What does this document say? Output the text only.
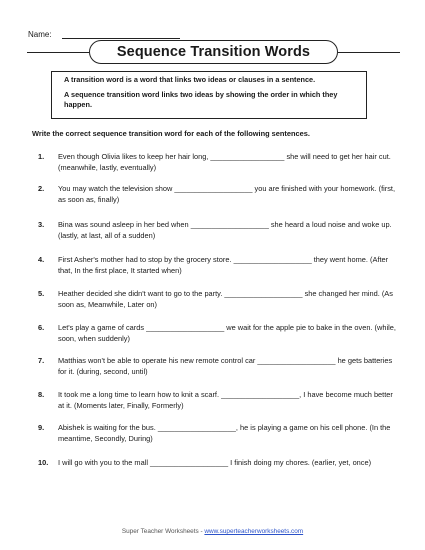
Name:
Sequence Transition Words

A transition word is a word that links two ideas or clauses in a sentence.

A sequence transition word links two ideas by showing the order in which they happen.

Write the correct sequence transition word for each of the following sentences.
1. Even though Olivia likes to keep her hair long, __________________ she will need to get her hair cut. (meanwhile, lastly, eventually)
2. You may watch the television show ___________________ you are finished with your homework. (first, as soon as, finally)
3. Bina was sound asleep in her bed when ___________________ she heard a loud noise and woke up. (lastly, at last, all of a sudden)
4. First Asher's mother had to stop by the grocery store. ___________________ they went home. (After that, In the first place, It started when)
5. Heather decided she didn't want to go to the party. ___________________ she changed her mind. (As soon as, Meanwhile, Later on)
6. Let's play a game of cards ___________________ we wait for the apple pie to bake in the oven. (while, soon, when suddenly)
7. Matthias won't be able to operate his new remote control car ___________________ he gets batteries for it. (during, second, until)
8. It took me a long time to learn how to knit a scarf. ___________________, I have become much better at it. (Moments later, Finally, Formerly)
9. Abishek is waiting for the bus. ___________________, he is playing a game on his cell phone. (In the meantime, Secondly, During)
10. I will go with you to the mall ___________________ I finish doing my chores. (earlier, yet, once)
Super Teacher Worksheets - www.superteacherworksheets.com
